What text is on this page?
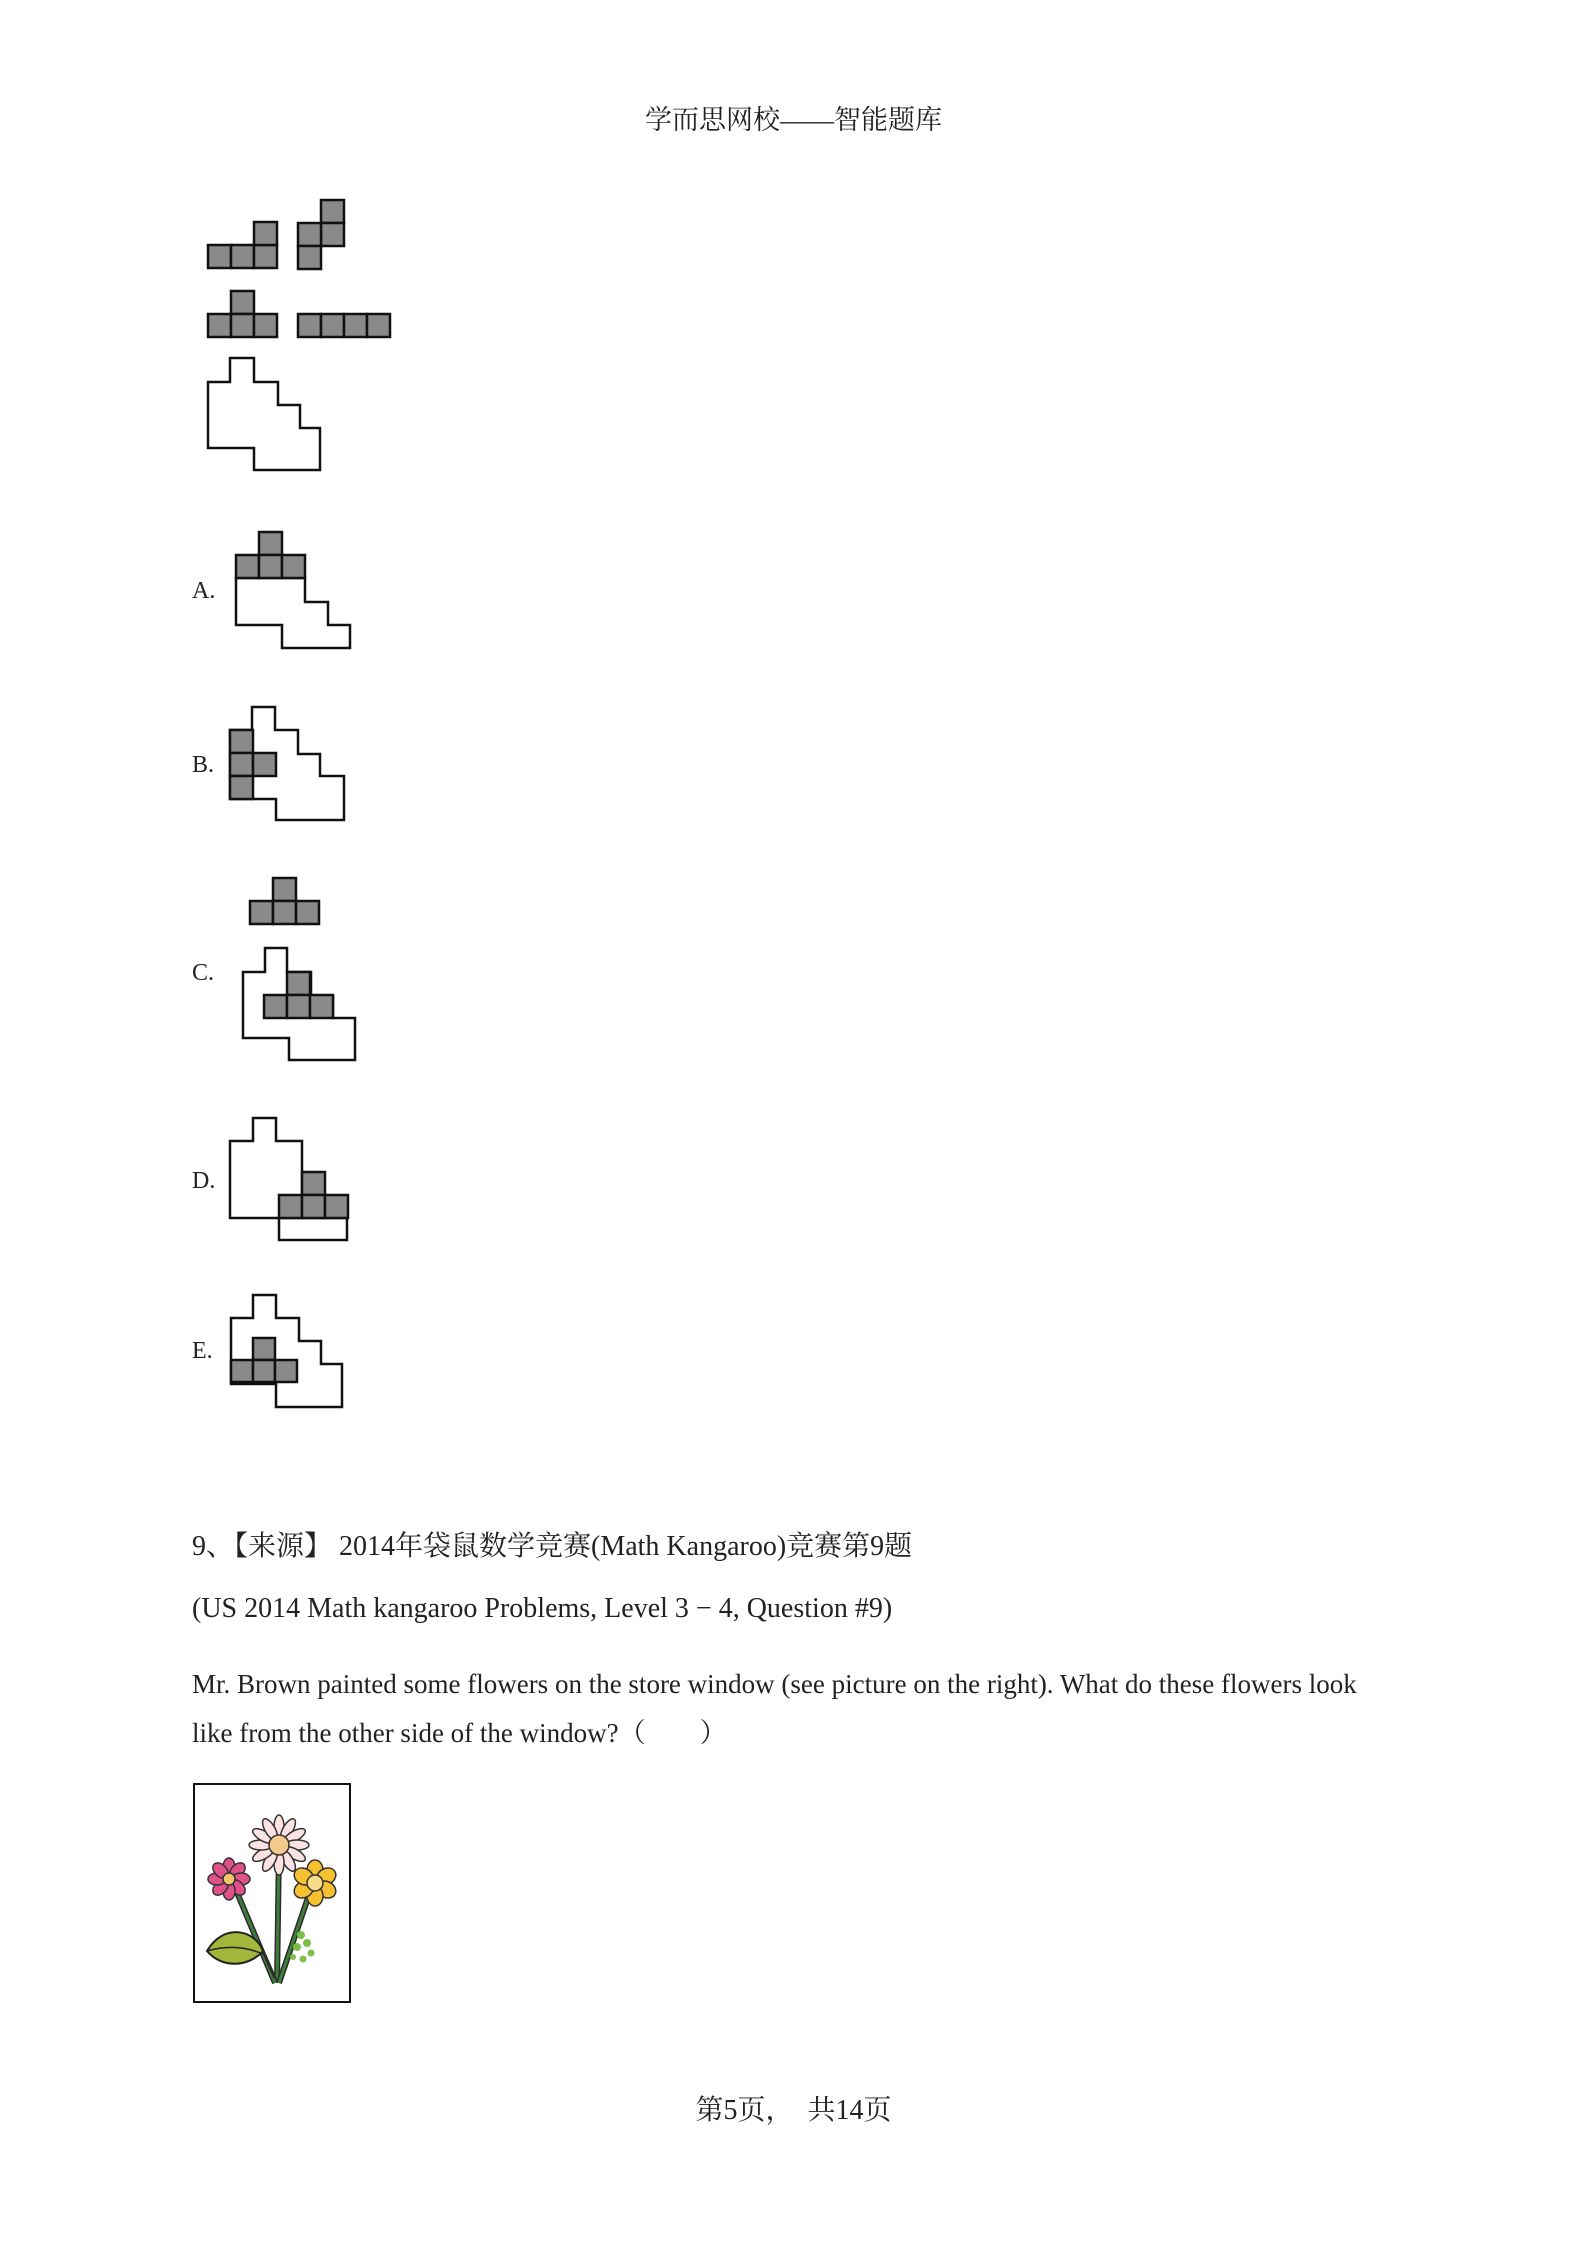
学而思网校——智能题库
A.
B.
C.
D.
E.
9、【来源】 2014年袋鼠数学竞赛(Math Kangaroo)竞赛第9题
(US 2014 Math kangaroo Problems, Level 3 − 4, Question #9)
Mr. Brown painted some flowers on the store window (see picture on the right). What do these flowers look like from the other side of the window?（　　）
第5页，　共14页
